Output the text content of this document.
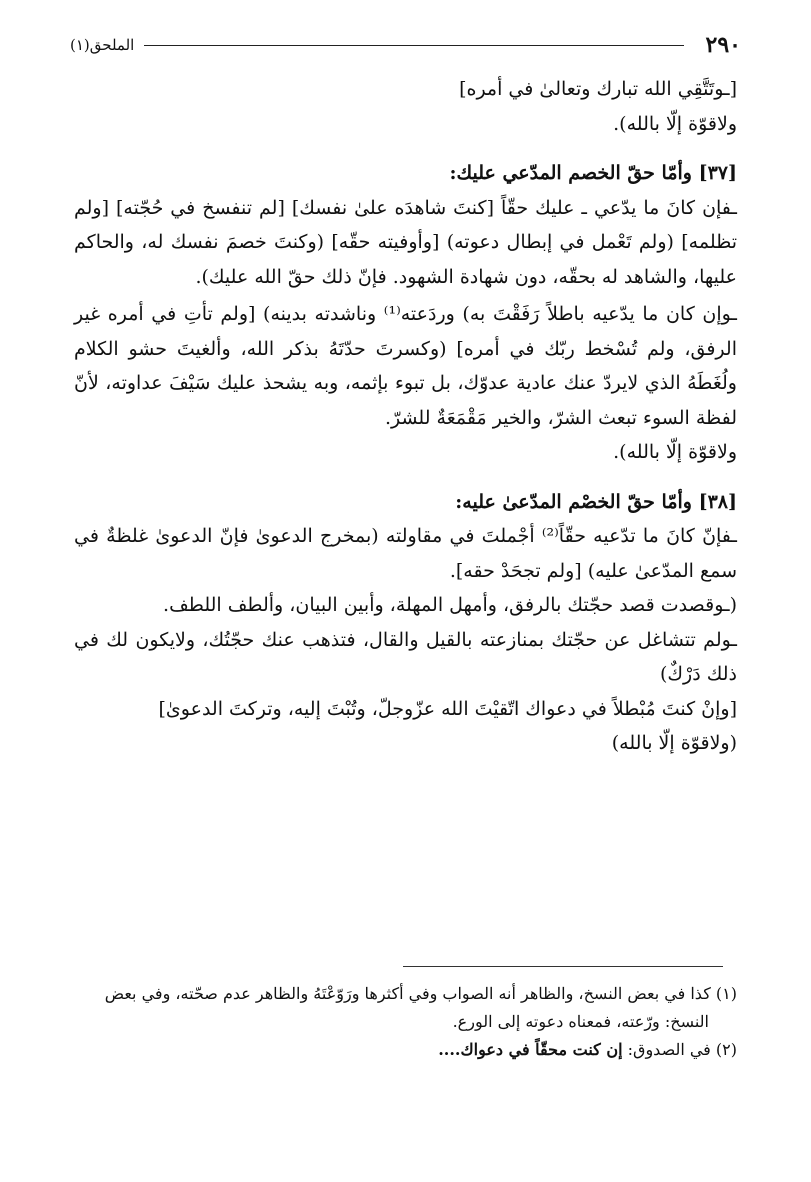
٢٩٠
الملحق(١)

[ـوتَتَّقِي الله تبارك وتعالىٰ في أمره]

ولاقوّة إلّا بالله).

[٣٧] وأمّا حقّ الخصم المدّعي عليك:

ـفإن كانَ ما يدّعي ـ عليك حقّاً [كنتَ شاهدَه علىٰ نفسك] [لم تنفسخ في حُجّته] [ولم تظلمه] (ولم تَعْمل في إبطال دعوته) [وأوفيته حقّه] (وكنتَ خصمَ نفسك له، والحاكم عليها، والشاهد له بحقّه، دون شهادة الشهود. فإنّ ذلك حقّ الله عليك).

ـوإن كان ما يدّعيه باطلاً رَفَقْتَ به) وردَعته⁽¹⁾ وناشدته بدينه) [ولم تأتِ في أمره غير الرفق، ولم تُسْخط ربّك في أمره] (وكسرتَ حدّتَهُ بذكر الله، وألغيتَ حشو الكلام ولُغَطَهُ الذي لايردّ عنك عادية عدوّك، بل تبوء بإثمه، وبه يشحذ عليك سَيْفَ عداوته، لأنّ لفظة السوء تبعث الشرّ، والخير مَقْمَعَةٌ للشرّ.

ولاقوّة إلّا بالله).

[٣٨] وأمّا حقّ الخصْم المدّعىٰ عليه:

ـفإنّ كانَ ما تدّعيه حقّاً⁽²⁾ أجْملتَ في مقاولته (بمخرج الدعوىٰ فإنّ الدعوىٰ غلظةٌ في سمع المدّعىٰ عليه) [ولم تجحَدْ حقه].

(ـوقصدت قصد حجّتك بالرفق، وأمهل المهلة، وأبين البيان، وألطف اللطف.

ـولم تتشاغل عن حجّتك بمنازعته بالقيل والقال، فتذهب عنك حجّتُك، ولايكون لك في ذلك دَرْكٌ)

[وإنْ كنتَ مُبْطلاً في دعواك اتّقيْتَ الله عزّوجلّ، وتُبْتَ إليه، وتركتَ الدعوىٰ]

(ولاقوّة إلّا بالله)

(١) كذا في بعض النسخ، والظاهر أنه الصواب وفي أكثرها ورَوّعْتَهُ والظاهر عدم صحّته، وفي بعض

النسخ: ورّعته، فمعناه دعوته إلى الورع.

(٢) في الصدوق: إن كنت محقّاً في دعواك....
